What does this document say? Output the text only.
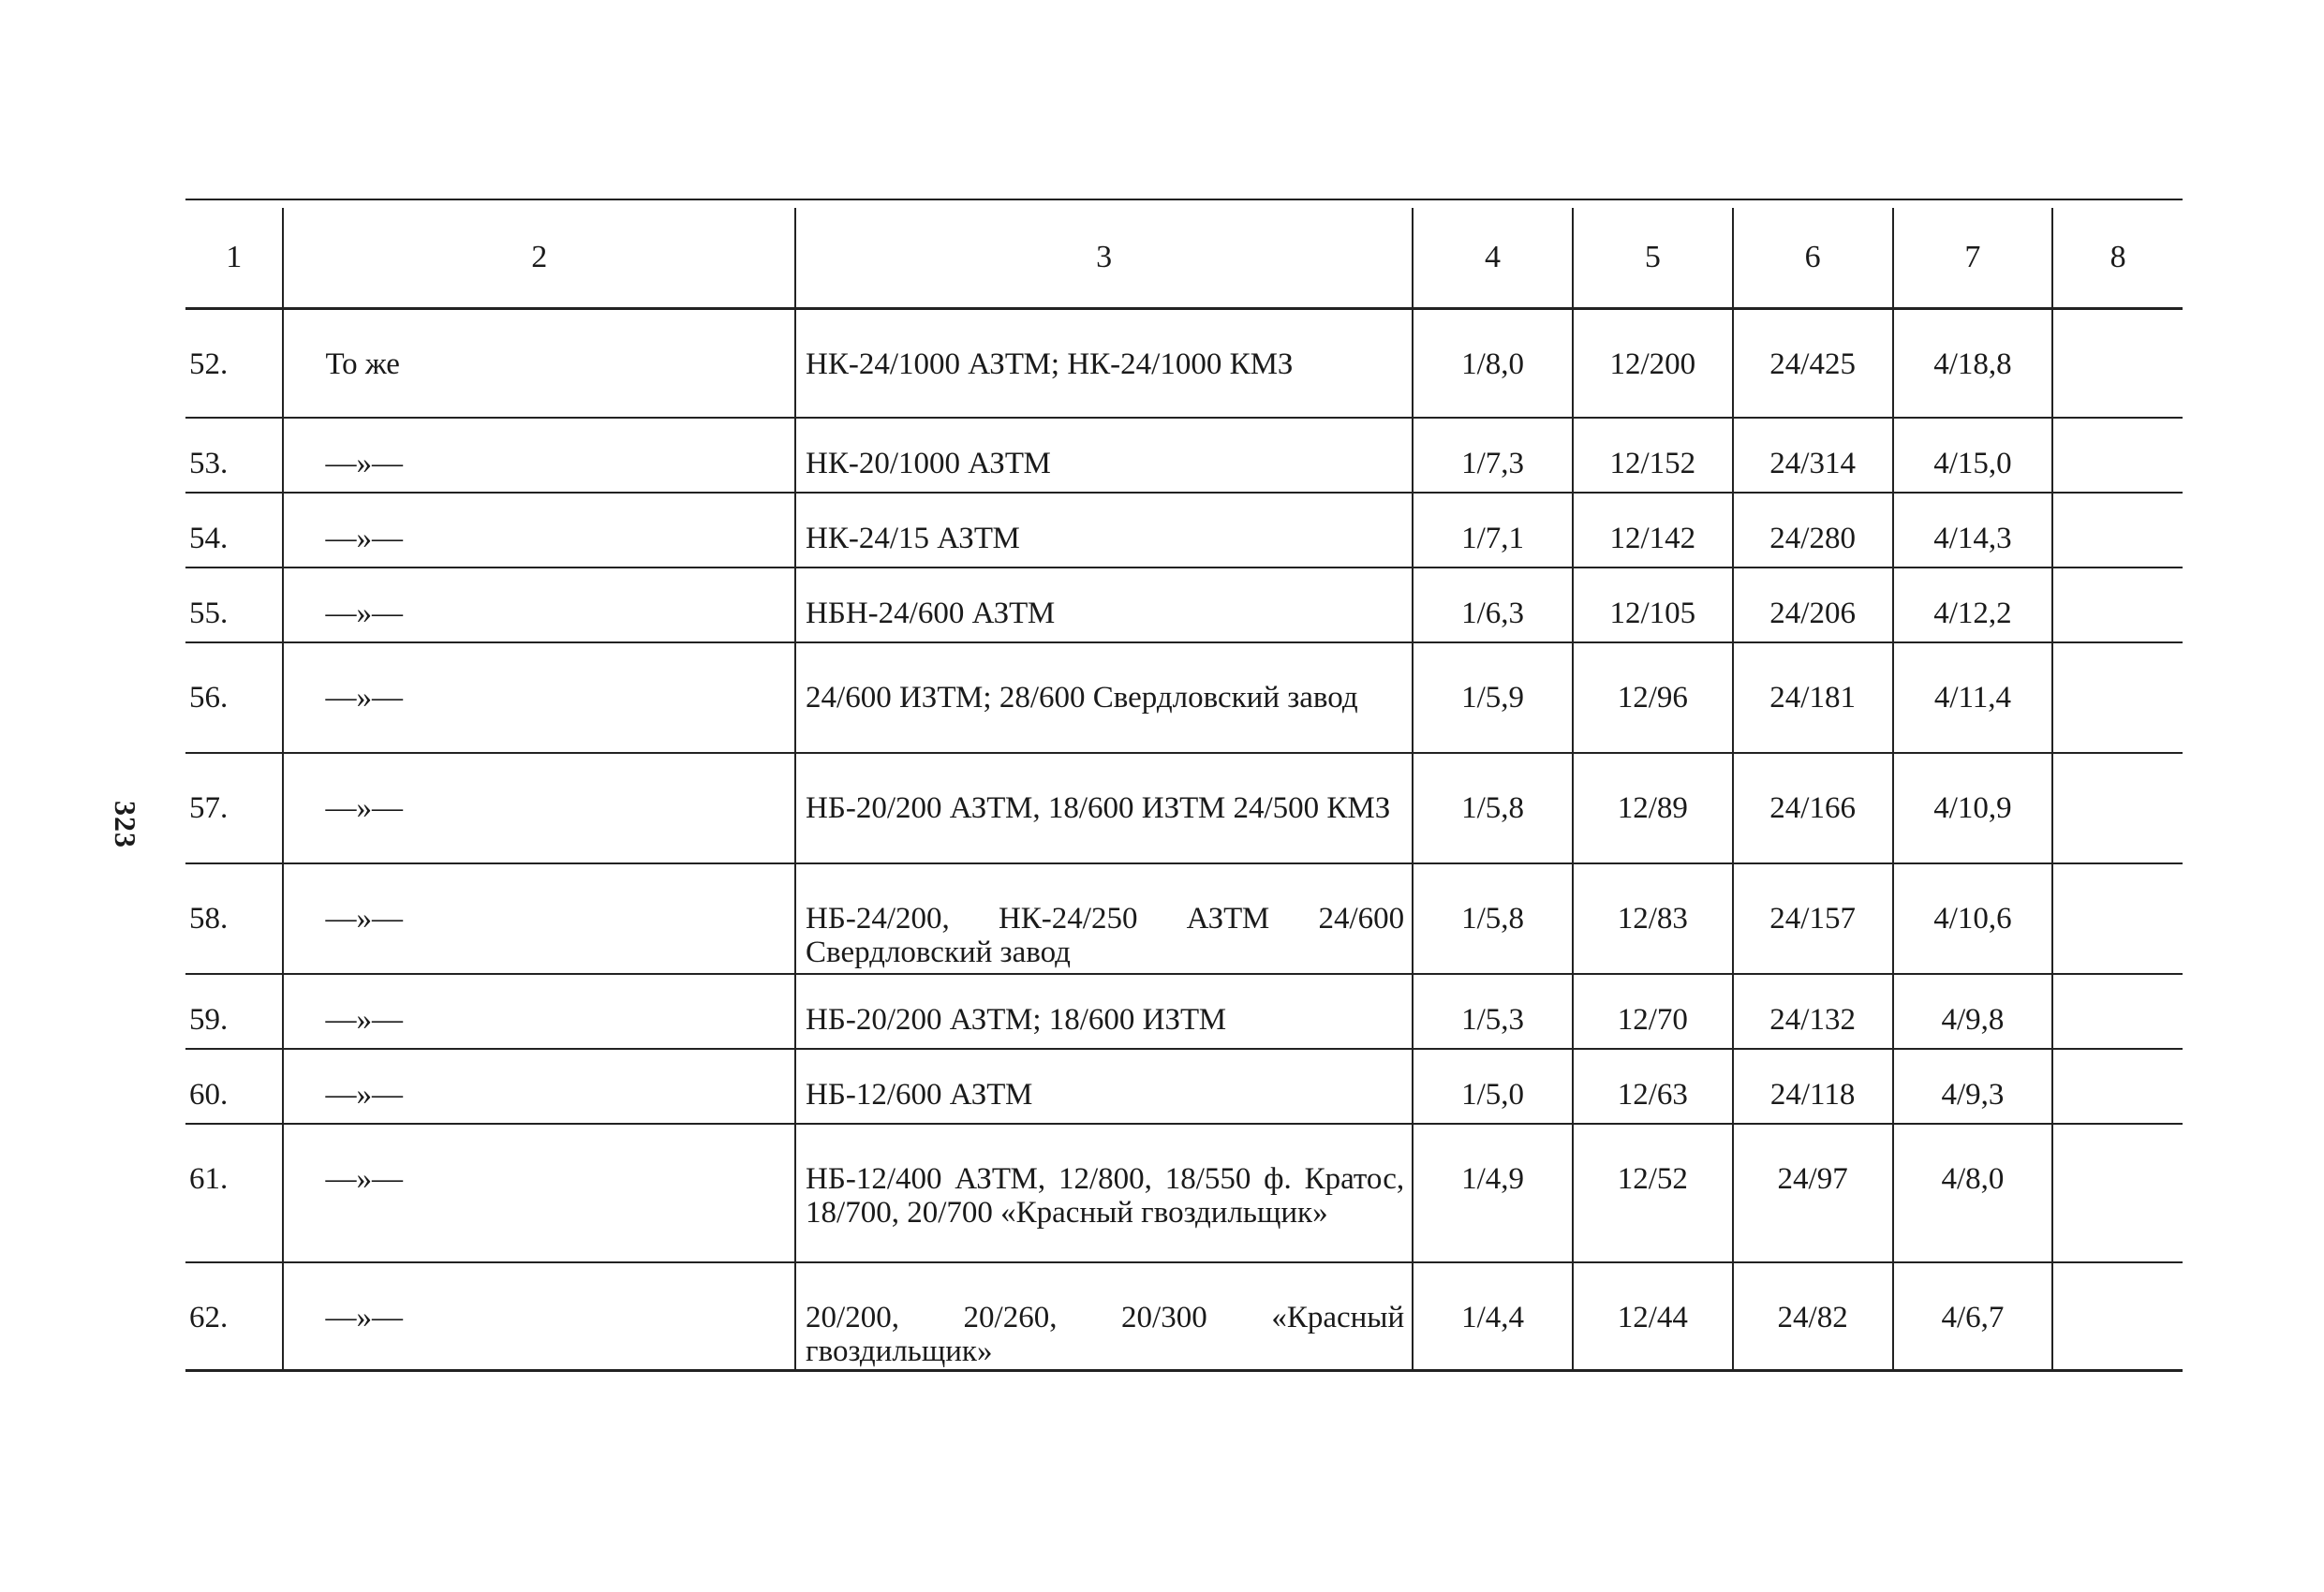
323
1	2	3	4	5	6	7	8
52.	То же	НК-24/1000 АЗТМ; НК-24/1000 КМЗ	1/8,0	12/200	24/425	4/18,8	
53.	—»—	НК-20/1000 АЗТМ	1/7,3	12/152	24/314	4/15,0	
54.	—»—	НК-24/15 АЗТМ	1/7,1	12/142	24/280	4/14,3	
55.	—»—	НБН-24/600 АЗТМ	1/6,3	12/105	24/206	4/12,2	
56.	—»—	24/600 ИЗТМ; 28/600 Свердловский завод	1/5,9	12/96	24/181	4/11,4	
57.	—»—	НБ-20/200 АЗТМ, 18/600 ИЗТМ 24/500 КМЗ	1/5,8	12/89	24/166	4/10,9	
58.	—»—	НБ-24/200, НК-24/250 АЗТМ 24/600 Свердловский завод	1/5,8	12/83	24/157	4/10,6	
59.	—»—	НБ-20/200 АЗТМ; 18/600 ИЗТМ	1/5,3	12/70	24/132	4/9,8	
60.	—»—	НБ-12/600 АЗТМ	1/5,0	12/63	24/118	4/9,3	
61.	—»—	НБ-12/400 АЗТМ, 12/800, 18/550 ф. Кратос, 18/700, 20/700 «Красный гвоздильщик»	1/4,9	12/52	24/97	4/8,0	
62.	—»—	20/200, 20/260, 20/300 «Красный гвоздильщик»	1/4,4	12/44	24/82	4/6,7	
